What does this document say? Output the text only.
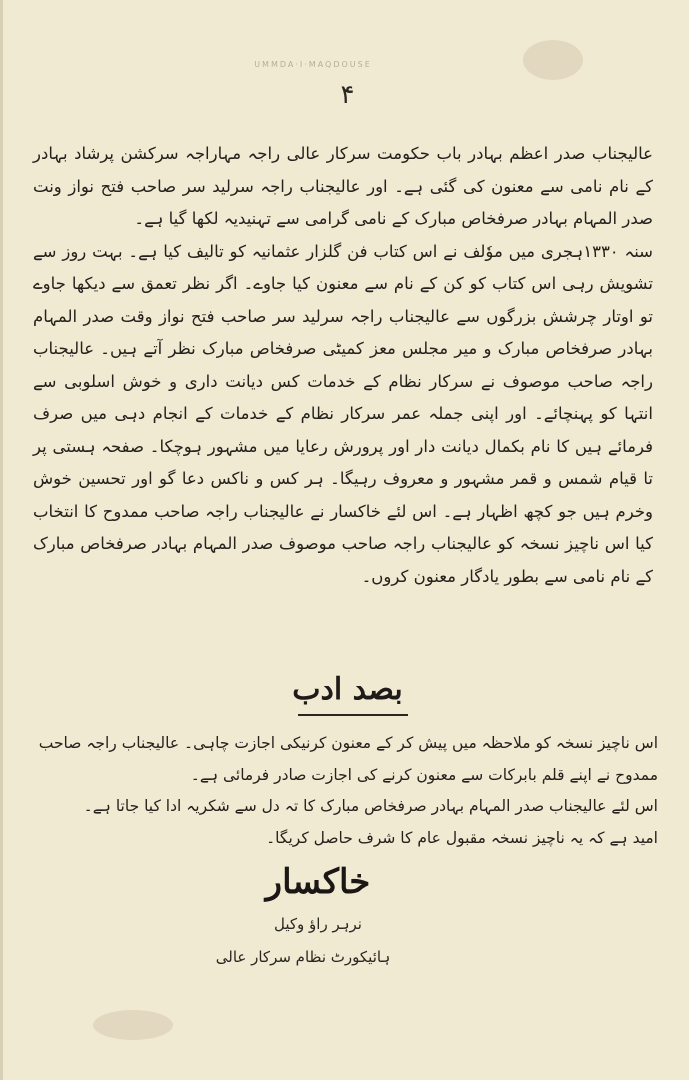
UMMDA·I·MAQDOUSE
۴

عالیجناب صدر اعظم بہادر باب حکومت سرکار عالی راجہ مہاراجہ سرکشن پرشاد بہادر کے نام نامی سے معنون کی گئی ہے۔ اور عالیجناب راجہ سرلید سر صاحب فتح نواز ونت صدر المہام بہادر صرفخاص مبارک کے نامی گرامی سے تہنیدیہ لکھا گیا ہے۔

سنہ ۱۳۳۰ہجری میں موٗلف نے اس کتاب فن گلزار عثمانیہ کو تالیف کیا ہے۔ بہت روز سے تشویش رہی اس کتاب کو کن کے نام سے معنون کیا جاوے۔ اگر نظر تعمق سے دیکھا جاوے تو اوتار چرشش بزرگوں سے عالیجناب راجہ سرلید سر صاحب فتح نواز وقت صدر المہام بہادر صرفخاص مبارک و میر مجلس معز کمیٹی صرفخاص مبارک نظر آتے ہیں۔ عالیجناب راجہ صاحب موصوف نے سرکار نظام کے خدمات کس دیانت داری و خوش اسلوبی سے انتہا کو پہنچائے۔ اور اپنی جملہ عمر سرکار نظام کے خدمات کے انجام دہی میں صرف فرمائے ہیں کا نام بکمال دیانت دار اور پرورش رعایا میں مشہور ہوچکا۔ صفحہ ہستی پر تا قیام شمس و قمر مشہور و معروف رہیگا۔ ہر کس و ناکس دعا گو اور تحسین خوش وخرم ہیں جو کچھ اظہار ہے۔ اس لئے خاکسار نے عالیجناب راجہ صاحب ممدوح کا انتخاب کیا اس ناچیز نسخہ کو عالیجناب راجہ صاحب موصوف صدر المہام بہادر صرفخاص مبارک کے نام نامی سے بطور یادگار معنون کروں۔

بصد ادب

اس ناچیز نسخہ کو ملاحظہ میں پیش کر کے معنون کرنیکی اجازت چاہی۔ عالیجناب راجہ صاحب ممدوح نے اپنے قلم بابرکات سے معنون کرنے کی اجازت صادر فرمائی ہے۔

اس لئے عالیجناب صدر المہام بہادر صرفخاص مبارک کا تہ دل سے شکریہ ادا کیا جاتا ہے۔

امید ہے کہ یہ ناچیز نسخہ مقبول عام کا شرف حاصل کریگا۔

خاکسار
نرہر راؤ وکیل
ہائیکورٹ نظام سرکار عالی
